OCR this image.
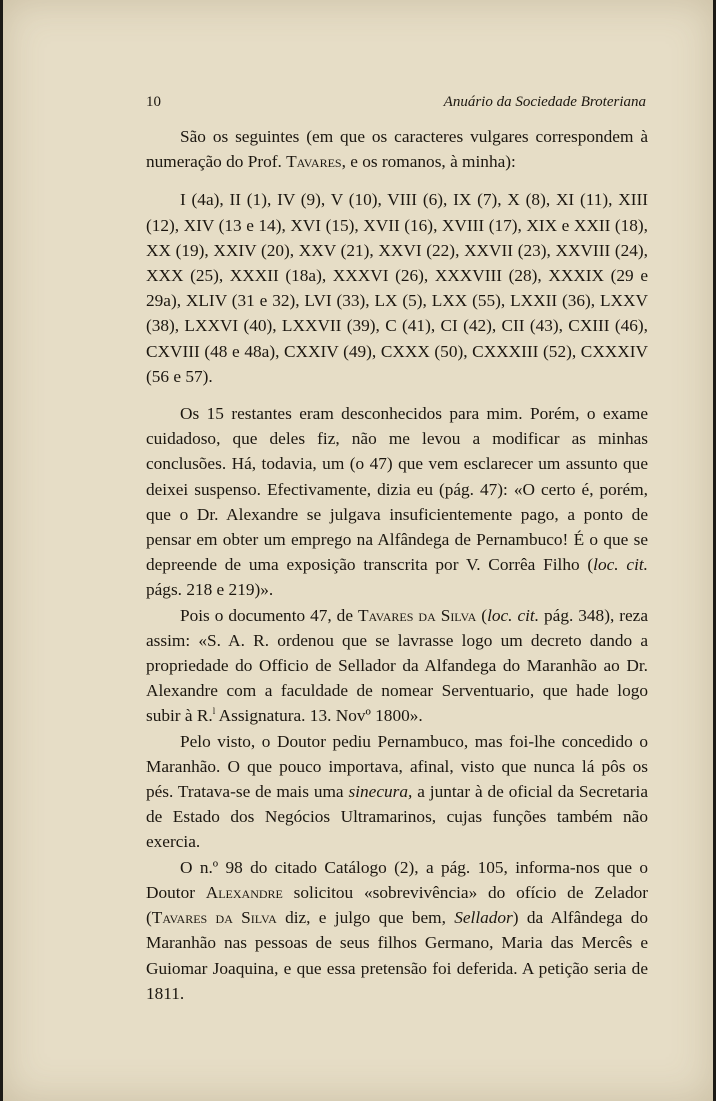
10	Anuário da Sociedade Broteriana

São os seguintes (em que os caracteres vulgares correspondem à numeração do Prof. Tavares, e os romanos, à minha):

I (4a), II (1), IV (9), V (10), VIII (6), IX (7), X (8), XI (11), XIII (12), XIV (13 e 14), XVI (15), XVII (16), XVIII (17), XIX e XXII (18), XX (19), XXIV (20), XXV (21), XXVI (22), XXVII (23), XXVIII (24), XXX (25), XXXII (18a), XXXVI (26), XXXVIII (28), XXXIX (29 e 29a), XLIV (31 e 32), LVI (33), LX (5), LXX (55), LXXII (36), LXXV (38), LXXVI (40), LXXVII (39), C (41), CI (42), CII (43), CXIII (46), CXVIII (48 e 48a), CXXIV (49), CXXX (50), CXXXIII (52), CXXXIV (56 e 57).

Os 15 restantes eram desconhecidos para mim. Porém, o exame cuidadoso, que deles fiz, não me levou a modificar as minhas conclusões. Há, todavia, um (o 47) que vem esclarecer um assunto que deixei suspenso. Efectivamente, dizia eu (pág. 47): «O certo é, porém, que o Dr. Alexandre se julgava insuficientemente pago, a ponto de pensar em obter um emprego na Alfândega de Pernambuco! É o que se depreende de uma exposição transcrita por V. Corrêa Filho (loc. cit. págs. 218 e 219)».

Pois o documento 47, de Tavares da Silva (loc. cit. pág. 348), reza assim: «S. A. R. ordenou que se lavrasse logo um decreto dando a propriedade do Officio de Sellador da Alfandega do Maranhão ao Dr. Alexandre com a faculdade de nomear Serventuario, que hade logo subir à R.$^l$ Assignatura. 13. Novº 1800».

Pelo visto, o Doutor pediu Pernambuco, mas foi-lhe concedido o Maranhão. O que pouco importava, afinal, visto que nunca lá pôs os pés. Tratava-se de mais uma sinecura, a juntar à de oficial da Secretaria de Estado dos Negócios Ultramarinos, cujas funções também não exercia.

O n.º 98 do citado Catálogo (2), a pág. 105, informa-nos que o Doutor Alexandre solicitou «sobrevivência» do ofício de Zelador (Tavares da Silva diz, e julgo que bem, Sellador) da Alfândega do Maranhão nas pessoas de seus filhos Germano, Maria das Mercês e Guiomar Joaquina, e que essa pretensão foi deferida. A petição seria de 1811.
